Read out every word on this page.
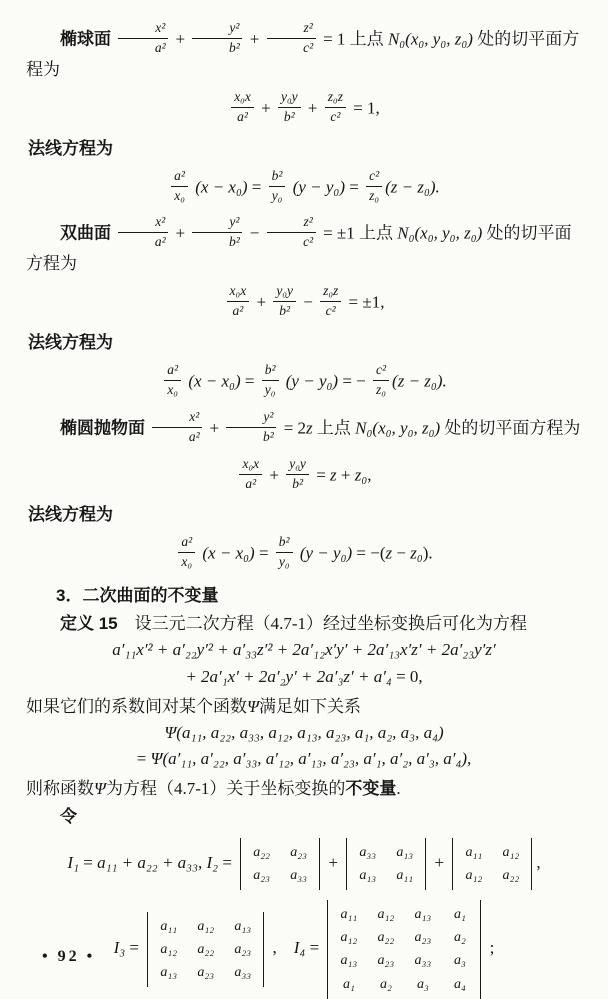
椭球面 $\frac{\text{x²}}{\text{a²}} + \frac{\text{y²}}{\text{b²}} + \frac{\text{z²}}{\text{c²}} = 1$ 上点 N₀(x₀, y₀, z₀) 处的切平面方程为
$\frac{\text{x₀x}}{\text{a²}} + \frac{\text{y₀y}}{\text{b²}} + \frac{\text{z₀z}}{\text{c²}} = 1$,
法线方程为
$\frac{\text{a²}}{\text{x₀}} (x - x_0) = \frac{\text{b²}}{\text{y₀}} (y - y_0) = \frac{\text{c²}}{\text{z₀}} (z - z_0)$.
双曲面 $\frac{\text{x²}}{\text{a²}} + \frac{\text{y²}}{\text{b²}} - \frac{\text{z²}}{\text{c²}} = \pm 1$ 上点 N₀(x₀, y₀, z₀) 处的切平面方程为
$\frac{\text{x₀x}}{\text{a²}} + \frac{\text{y₀y}}{\text{b²}} - \frac{\text{z₀z}}{\text{c²}} = \pm 1$,
法线方程为
$\frac{\text{a²}}{\text{x₀}} (x - x_0) = \frac{\text{b²}}{\text{y₀}} (y - y_0)$ = − $\frac{\text{c²}}{\text{z₀}} (z - z_0)$.
椭圆抛物面 $\frac{\text{x²}}{\text{a²}} + \frac{\text{y²}}{\text{b²}} = 2z$ 上点 N₀(x₀, y₀, z₀) 处的切平面方程为
$\frac{\text{x₀x}}{\text{a²}} + \frac{\text{y₀y}}{\text{b²}} = z + z_0$,
法线方程为
$\frac{\text{a²}}{\text{x₀}} (x - x_0) = \frac{\text{b²}}{\text{y₀}} (y - y_0) = -(z - z_0)$.
3．二次曲面的不变量
定义 15　设三元二次方程（4.7-1）经过坐标变换后可化为方程
a′₁₁x′² + a′₂₂y′² + a′₃₃z′² + 2a′₁₂x′y′ + 2a′₁₃x′z′ + 2a′₂₃y′z′
+ 2a′₁x′ + 2a′₂y′ + 2a′₃z′ + a′₄ = 0,
如果它们的系数间对某个函数Ψ满足如下关系
Ψ(a₁₁, a₂₂, a₃₃, a₁₂, a₁₃, a₂₃, a₁, a₂, a₃, a₄)
= Ψ(a′₁₁, a′₂₂, a′₃₃, a′₁₂, a′₁₃, a′₂₃, a′₁, a′₂, a′₃, a′₄),
则称函数Ψ为方程（4.7-1）关于坐标变换的不变量.
令
I₁ = a₁₁ + a₂₂ + a₃₃, I₂ =
a₂₂ a₂₃
a₂₃ a₃₃
+
a₃₃ a₁₃
a₁₃ a₁₁
+
a₁₁ a₁₂
a₁₂ a₂₂
,
I₃ =
a₁₁ a₁₂ a₁₃
a₁₂ a₂₂ a₂₃
a₁₃ a₂₃ a₃₃
,　I₄ =
a₁₁ a₁₂ a₁₃	a₁
a₁₂ a₂₂ a₂₃	a₂
a₁₃ a₂₃ a₃₃	a₃
a₁	a₂	a₃	a₄
;
• 92 •
